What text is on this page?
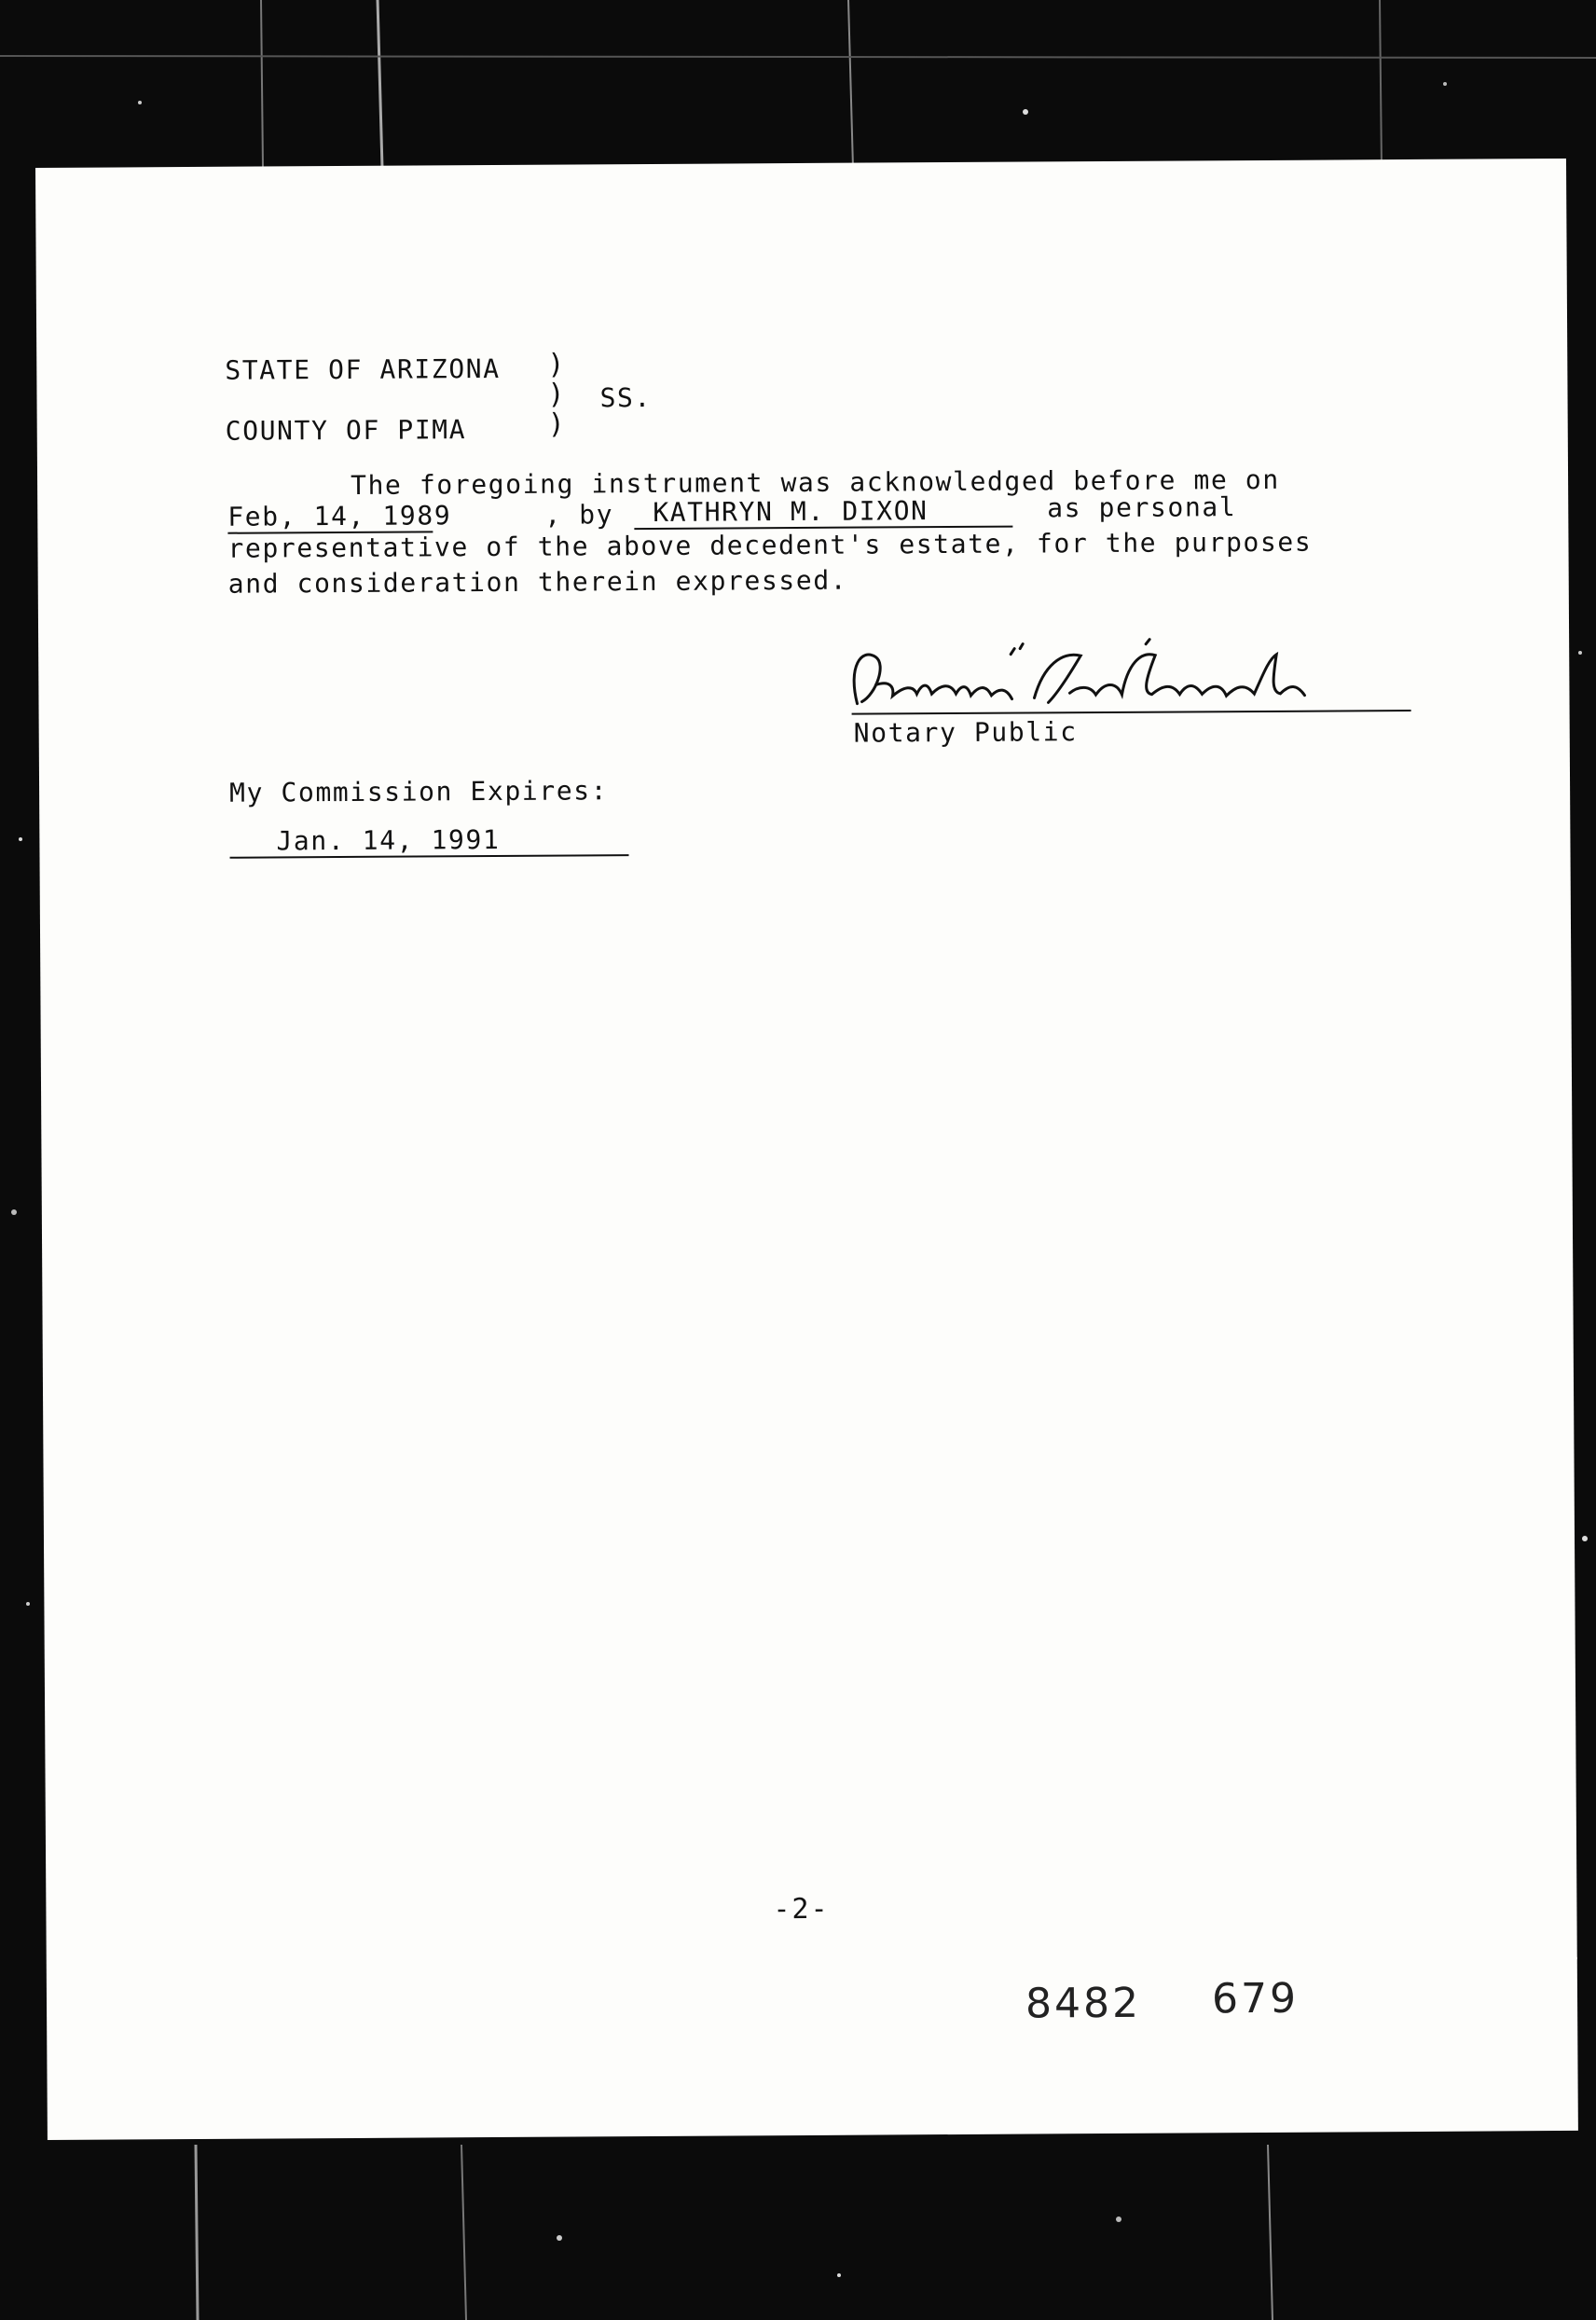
STATE OF ARIZONA )
) SS.
COUNTY OF PIMA	)
The foregoing instrument was acknowledged before me on
Feb, 14, 1989	, by	KATHRYN M. DIXON	as personal
representative of the above decedent's estate, for the purposes
and consideration therein expressed.
Notary Public
My Commission Expires:
Jan. 14, 1991
-2-
8482 679
